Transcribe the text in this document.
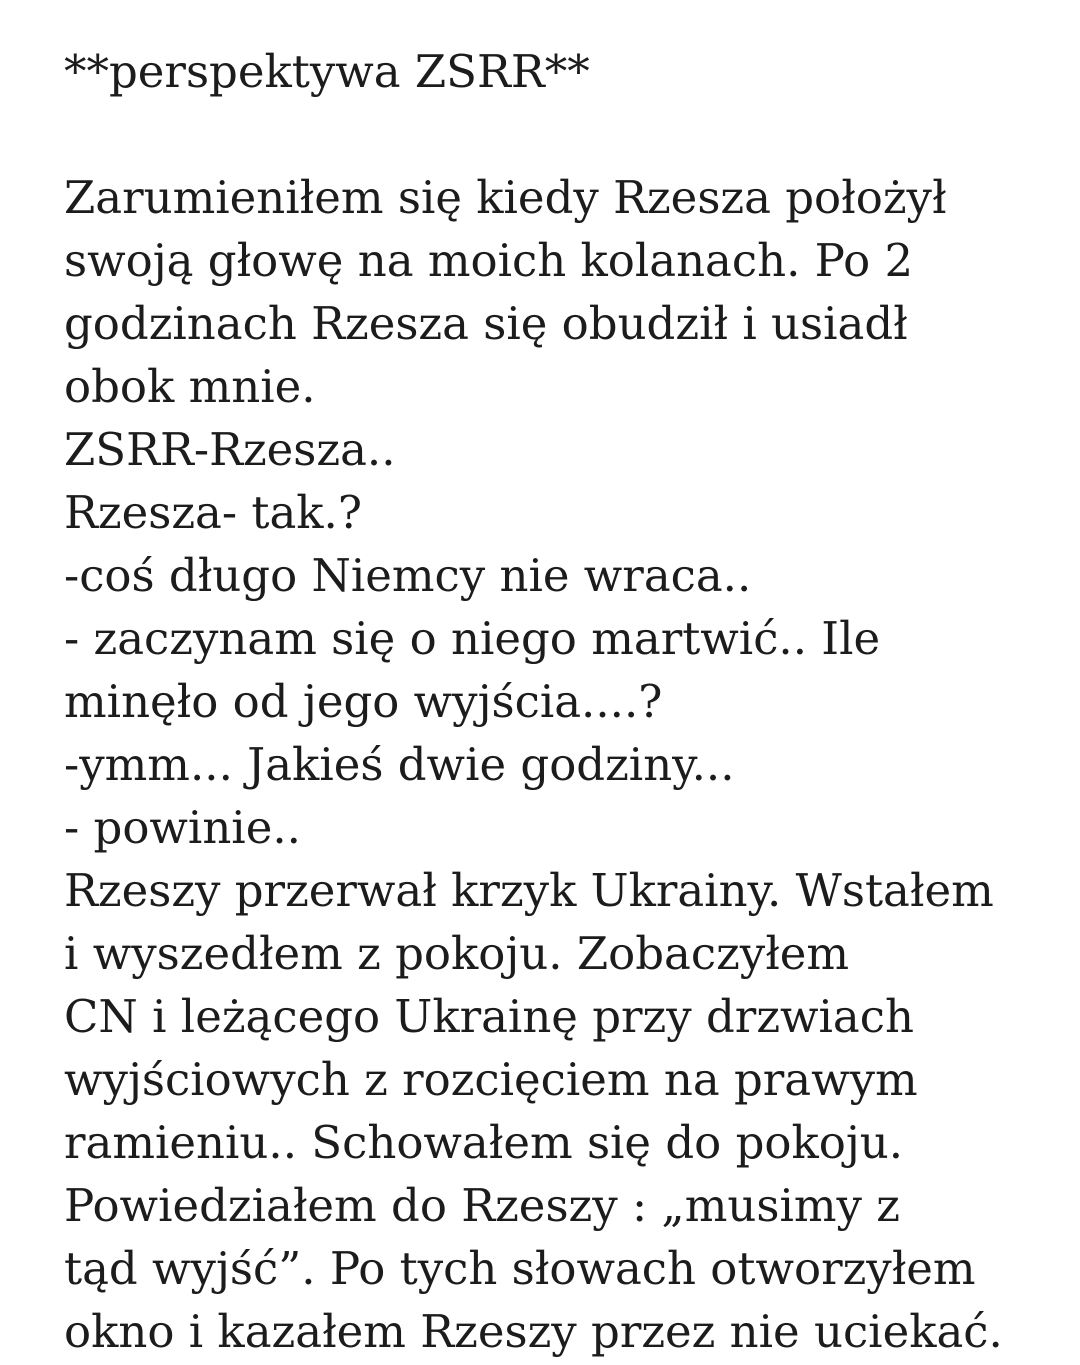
**perspektywa ZSRR**
Zarumieniłem się kiedy Rzesza położył
swoją głowę na moich kolanach. Po 2
godzinach Rzesza się obudził i usiadł
obok mnie.
ZSRR-Rzesza..
Rzesza- tak.?
-coś długo Niemcy nie wraca..
- zaczynam się o niego martwić.. Ile
minęło od jego wyjścia....?
-ymm... Jakieś dwie godziny...
- powinie..
Rzeszy przerwał krzyk Ukrainy. Wstałem
i wyszedłem z pokoju. Zobaczyłem
CN i leżącego Ukrainę przy drzwiach
wyjściowych z rozcięciem na prawym
ramieniu.. Schowałem się do pokoju.
Powiedziałem do Rzeszy : „musimy z
tąd wyjść”. Po tych słowach otworzyłem
okno i kazałem Rzeszy przez nie uciekać.
